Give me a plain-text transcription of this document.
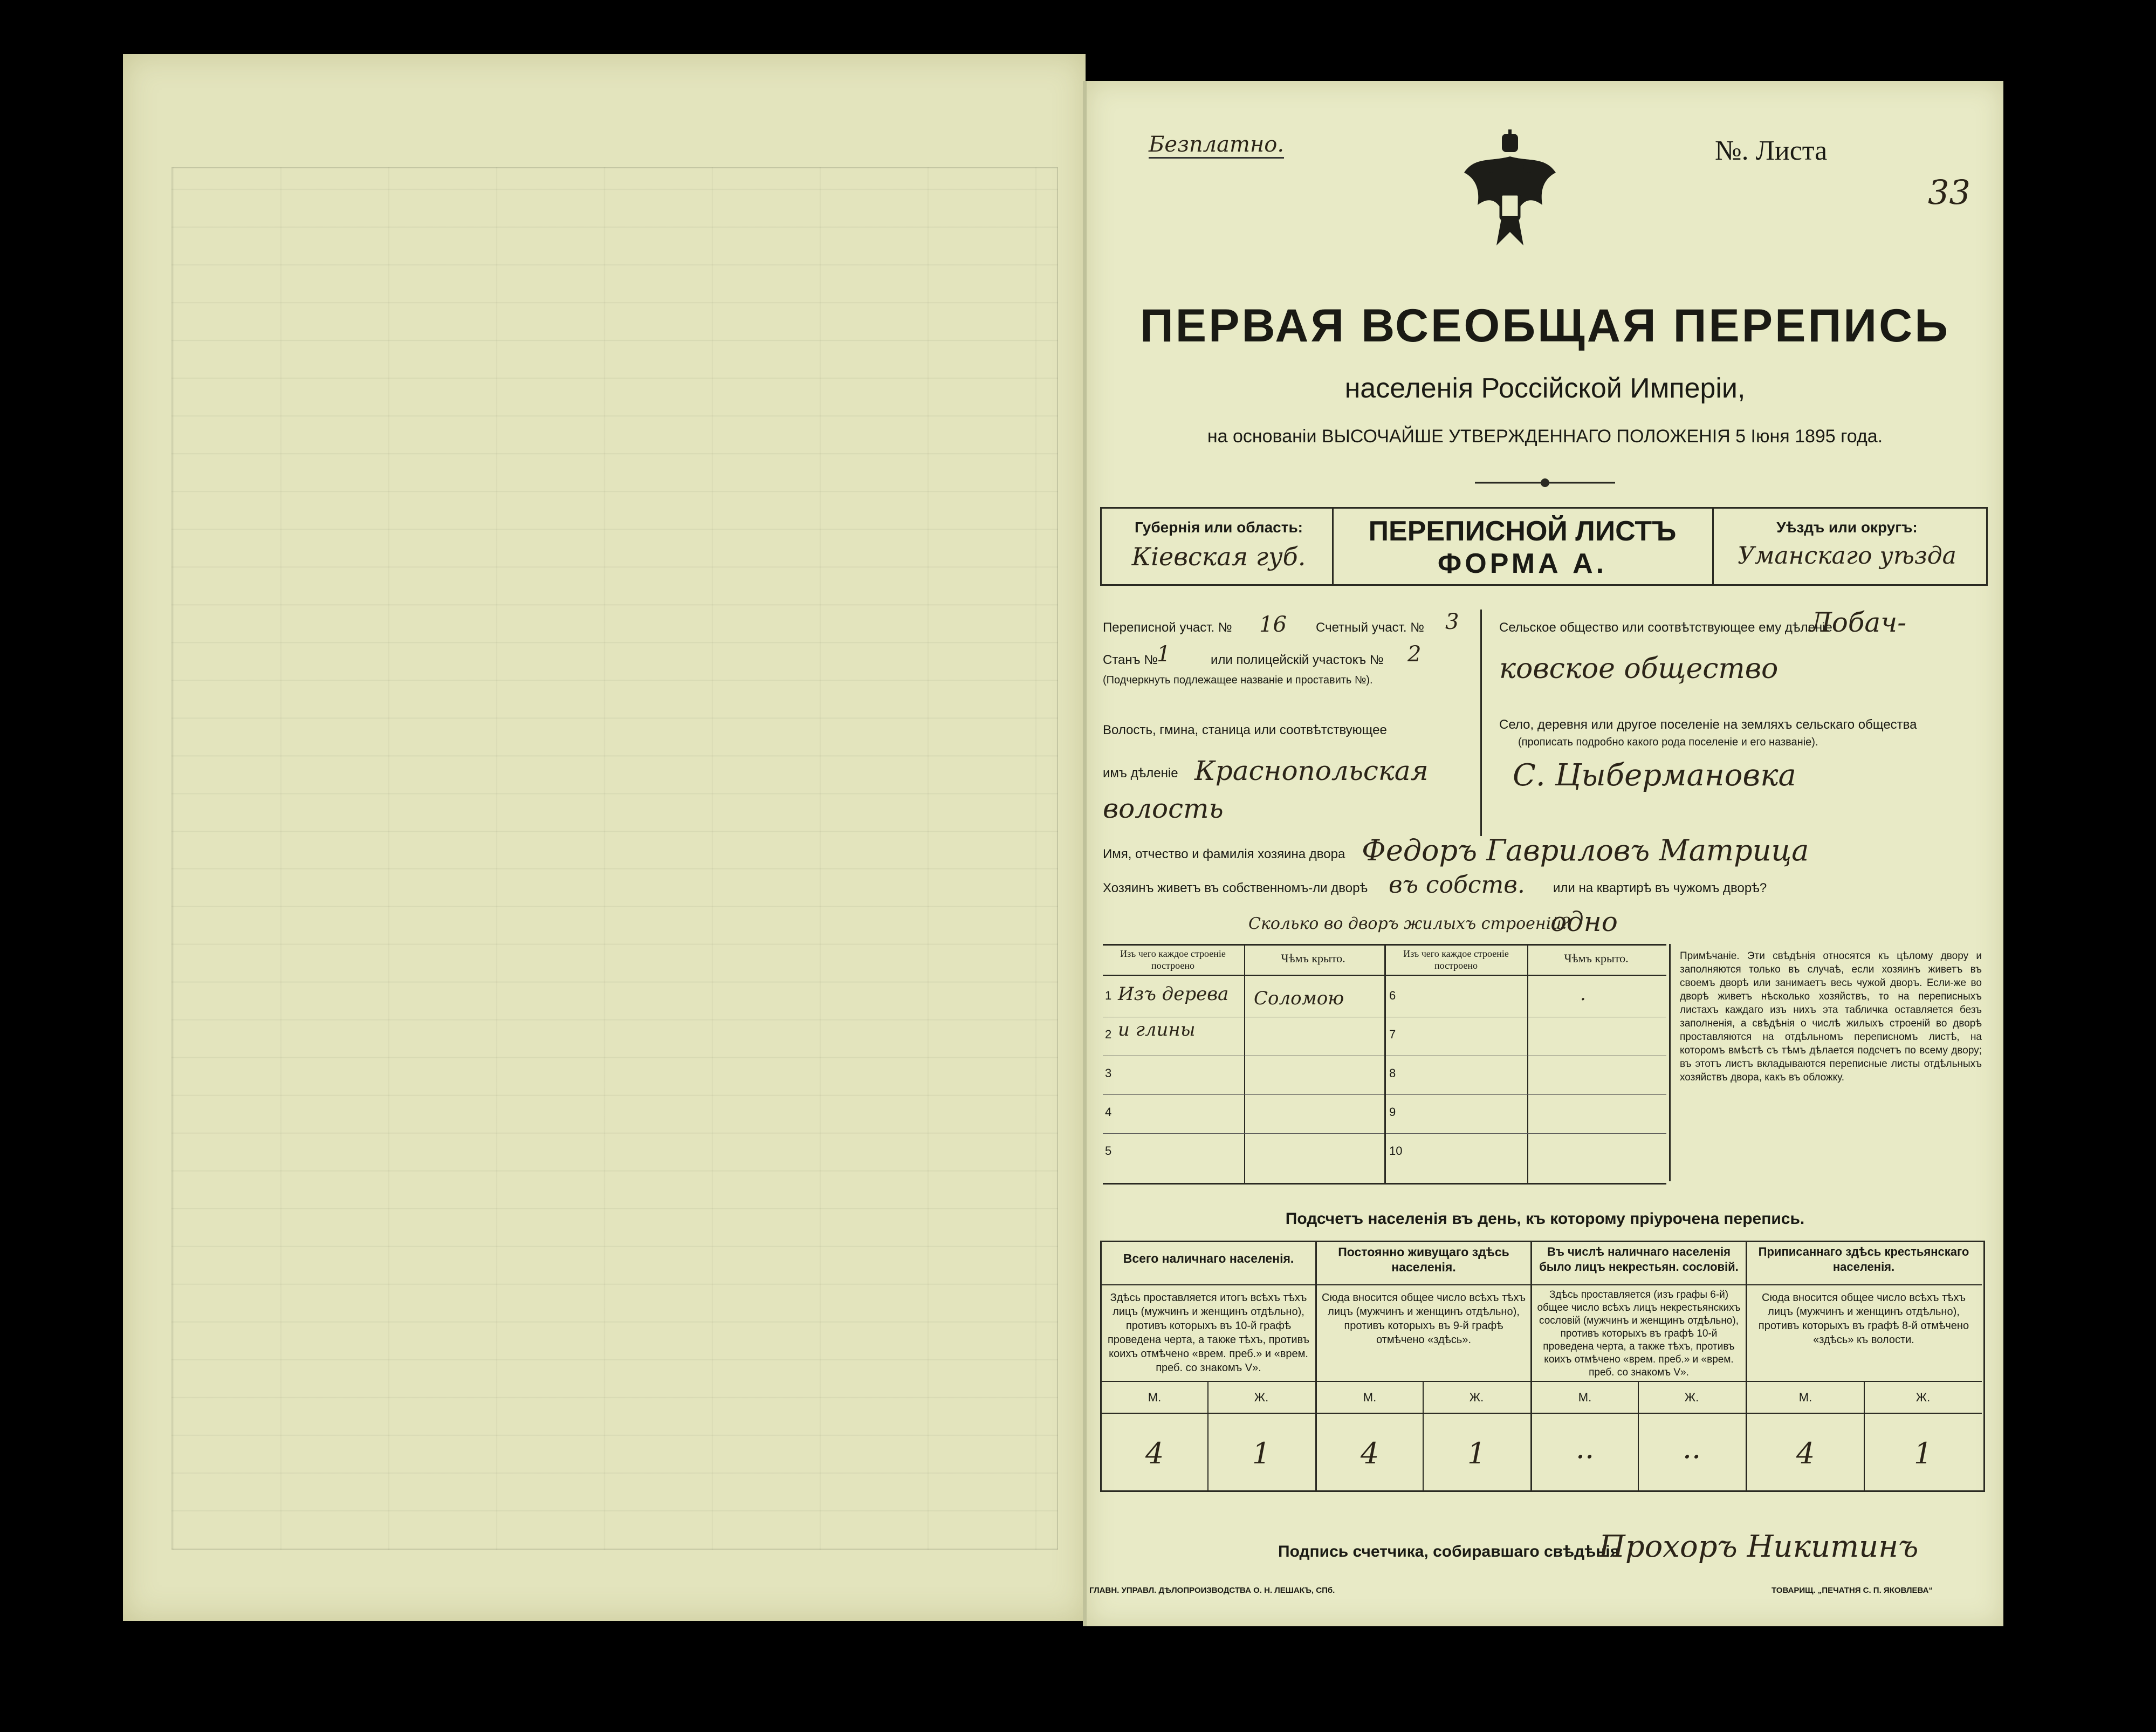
Безплатно.	№. Листа
33
ПЕРВАЯ ВСЕОБЩАЯ ПЕРЕПИСЬ
населенія Россійской Имперіи,
на основаніи ВЫСОЧАЙШЕ УТВЕРЖДЕННАГО ПОЛОЖЕНІЯ 5 Іюня 1895 года.
Губернія или область:
Кіевская губ.
ПЕРЕПИСНОЙ ЛИСТЪ
ФОРМА А.
Уѣздъ или округъ:
Уманскаго уѣзда
Переписной участ. № 16 Счетный участ. № 3
Станъ №
1	или полицейскій участокъ № 2
(Подчеркнуть подлежащее названіе и проставить №).
Волость, гмина, станица или соотвѣтствующее
имъ дѣленіе Краснопольская
волость
Сельское общество или соотвѣтствующее ему дѣленіе
Лобач-
ковское общество
Село, деревня или другое поселеніе на земляхъ сельскаго общества
(прописать подробно какого рода поселеніе и его названіе).
С. Цыбермановка
Имя, отчество и фамилія хозяина двора Федоръ Гавриловъ Матрица
Хозяинъ живетъ въ собственномъ-ли дворѣ въ собств. или на квартирѣ въ чужомъ дворѣ?
Сколько во дворъ жилыхъ строеній?
одно
Изъ чего каждое строеніе построено
Чѣмъ крыто.
1 Изъ дерева Соломою
2 и глины
3
4
5
Изъ чего каждое строеніе построено
Чѣмъ крыто.
6	.
7
8
9
10
Примѣчаніе. Эти свѣдѣнія относятся къ цѣлому двору и заполняются только въ случаѣ, если хозяинъ живетъ въ своемъ дворѣ или занимаетъ весь чужой дворъ. Если-же во дворѣ живетъ нѣсколько хозяйствъ, то на переписныхъ листахъ каждаго изъ нихъ эта табличка оставляется безъ заполненія, а свѣдѣнія о числѣ жилыхъ строеній во дворѣ проставляются на отдѣльномъ переписномъ листѣ, на которомъ вмѣстѣ съ тѣмъ дѣлается подсчетъ по всему двору; въ этотъ листъ вкладываются переписные листы отдѣльныхъ хозяйствъ двора, какъ въ обложку.
Подсчетъ населенія въ день, къ которому пріурочена перепись.
Всего наличнаго населенія.
Здѣсь проставляется итогъ всѣхъ тѣхъ лицъ (мужчинъ и женщинъ отдѣльно), противъ которыхъ въ 10-й графѣ проведена черта, а также тѣхъ, противъ коихъ отмѣчено «врем. преб.» и «врем. преб. со знакомъ V».
М.	Ж.
4	1
Постоянно живущаго здѣсь населенія.
Сюда вносится общее число всѣхъ тѣхъ лицъ (мужчинъ и женщинъ отдѣльно), противъ которыхъ въ 9-й графѣ отмѣчено «здѣсь».
М.	Ж.
4	1
Въ числѣ наличнаго населенія было лицъ некрестьян. сословій.
Здѣсь проставляется (изъ графы 6-й) общее число всѣхъ лицъ некрестьянскихъ сословій (мужчинъ и женщинъ отдѣльно), противъ которыхъ въ графѣ 10-й проведена черта, а также тѣхъ, противъ коихъ отмѣчено «врем. преб.» и «врем. преб. со знакомъ V».
М.	Ж.
..	..
Приписаннаго здѣсь крестьянскаго населенія.
Сюда вносится общее число всѣхъ тѣхъ лицъ (мужчинъ и женщинъ отдѣльно), противъ которыхъ въ графѣ 8-й отмѣчено «здѣсь» къ волости.
М.	Ж.
4	1
Подпись счетчика, собиравшаго свѣдѣнія
Прохоръ Никитинъ
ГЛАВН. УПРАВЛ. ДѢЛОПРОИЗВОДСТВА О. Н. ЛЕШАКЪ, СПб.	ТОВАРИЩ. „ПЕЧАТНЯ С. П. ЯКОВЛЕВА“
